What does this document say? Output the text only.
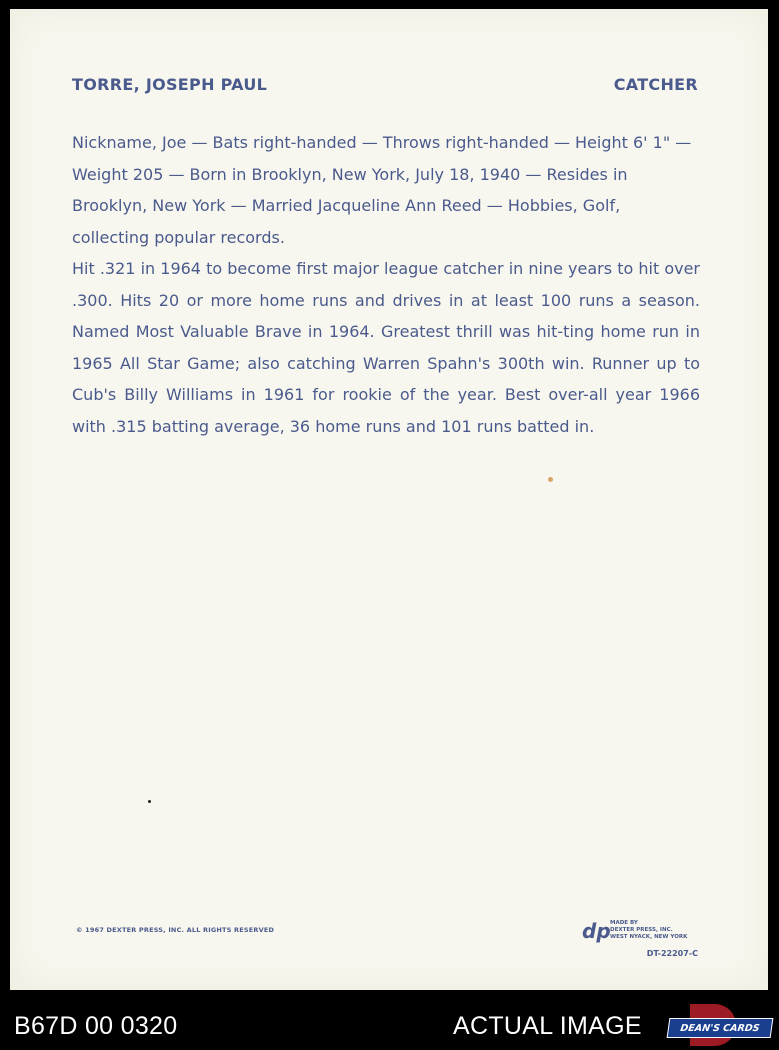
TORRE, JOSEPH PAUL	CATCHER

Nickname, Joe — Bats right-handed — Throws right-handed — Height 6' 1" — Weight 205 — Born in Brooklyn, New York, July 18, 1940 — Resides in Brooklyn, New York — Married Jacqueline Ann Reed — Hobbies, Golf, collecting popular records.

Hit .321 in 1964 to become first major league catcher in nine years to hit over .300. Hits 20 or more home runs and drives in at least 100 runs a season. Named Most Valuable Brave in 1964. Greatest thrill was hit-ting home run in 1965 All Star Game; also catching Warren Spahn's 300th win. Runner up to Cub's Billy Williams in 1961 for rookie of the year. Best over-all year 1966 with .315 batting average, 36 home runs and 101 runs batted in.

© 1967 DEXTER PRESS, INC. ALL RIGHTS RESERVED	dp MADE BY
DEXTER PRESS, INC.
WEST NYACK, NEW YORK
DT-22207-C
B67D 00 0320	ACTUAL IMAGE	DEAN'S CARDS
